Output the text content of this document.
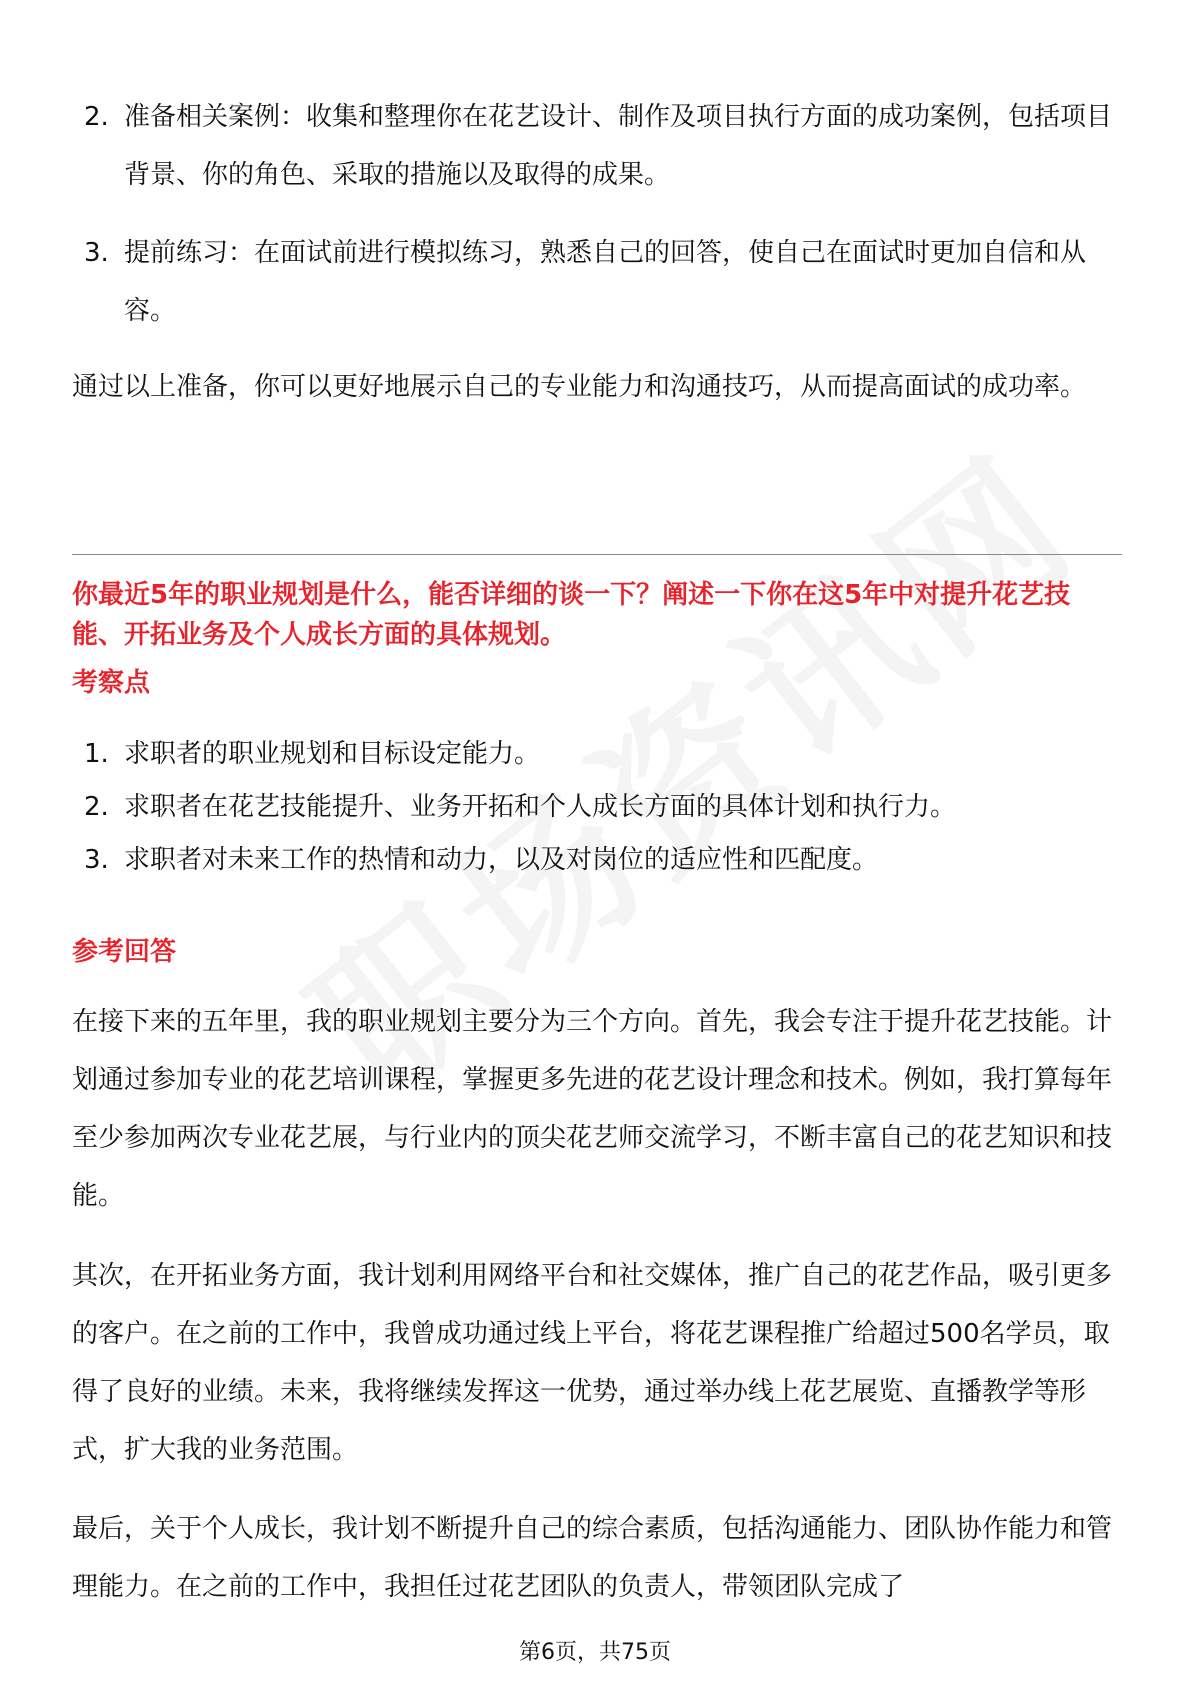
2. 准备相关案例：收集和整理你在花艺设计、制作及项目执行方面的成功案例，包括项目背景、你的角色、采取的措施以及取得的成果。
3. 提前练习：在面试前进行模拟练习，熟悉自己的回答，使自己在面试时更加自信和从容。
通过以上准备，你可以更好地展示自己的专业能力和沟通技巧，从而提高面试的成功率。
你最近5年的职业规划是什么，能否详细的谈一下？阐述一下你在这5年中对提升花艺技能、开拓业务及个人成长方面的具体规划。
考察点
1. 求职者的职业规划和目标设定能力。
2. 求职者在花艺技能提升、业务开拓和个人成长方面的具体计划和执行力。
3. 求职者对未来工作的热情和动力，以及对岗位的适应性和匹配度。
参考回答
在接下来的五年里，我的职业规划主要分为三个方向。首先，我会专注于提升花艺技能。计划通过参加专业的花艺培训课程，掌握更多先进的花艺设计理念和技术。例如，我打算每年至少参加两次专业花艺展，与行业内的顶尖花艺师交流学习，不断丰富自己的花艺知识和技能。
其次，在开拓业务方面，我计划利用网络平台和社交媒体，推广自己的花艺作品，吸引更多的客户。在之前的工作中，我曾成功通过线上平台，将花艺课程推广给超过500名学员，取得了良好的业绩。未来，我将继续发挥这一优势，通过举办线上花艺展览、直播教学等形式，扩大我的业务范围。
最后，关于个人成长，我计划不断提升自己的综合素质，包括沟通能力、团队协作能力和管理能力。在之前的工作中，我担任过花艺团队的负责人，带领团队完成了
第6页，共75页
